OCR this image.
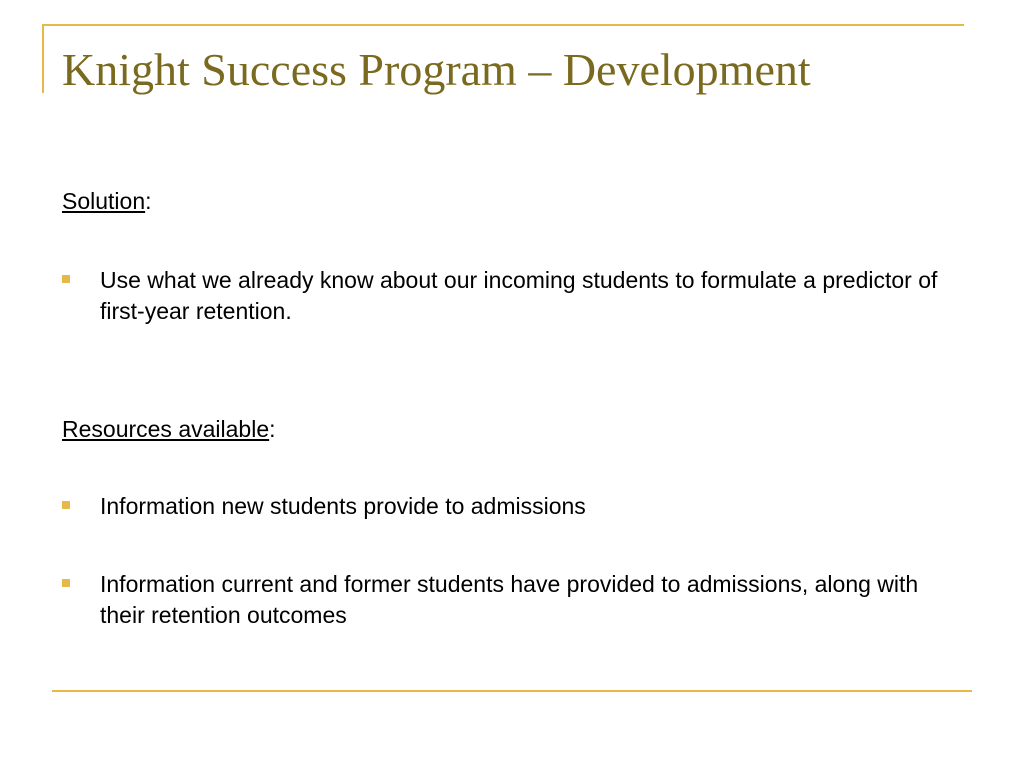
Knight Success Program – Development
Solution:
Use what we already know about our incoming students to formulate a predictor of first-year retention.
Resources available:
Information new students provide to admissions
Information current and former students have provided to admissions, along with their retention outcomes
